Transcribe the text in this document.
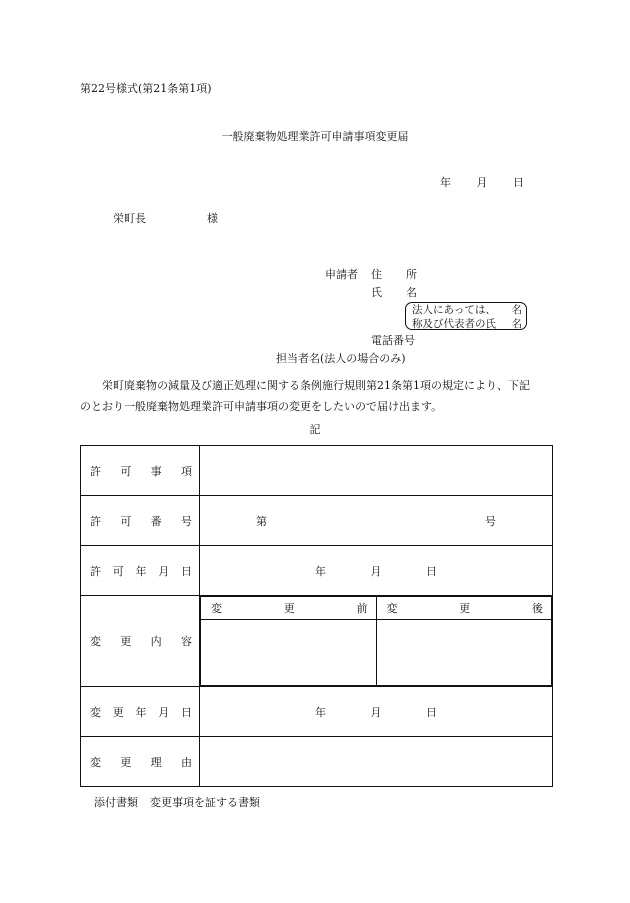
第22号様式(第21条第1項)
一般廃棄物処理業許可申請事項変更届
年 月 日
栄町長	様
申請者 住 所
氏 名
法人にあっては、 名
称及び代表者の氏 名
電話番号
担当者名(法人の場合のみ)
栄町廃棄物の減量及び適正処理に関する条例施行規則第21条第1項の規定により、下記
のとおり一般廃棄物処理業許可申請事項の変更をしたいので届け出ます。
記
許 可 事 項

許 可 番 号	第	号

許 可 年 月 日	年	月	日

変 更 内 容

変	更	前	変	更	後

変 更 年 月 日	年	月	日

変 更 理 由

添付書類 変更事項を証する書類
